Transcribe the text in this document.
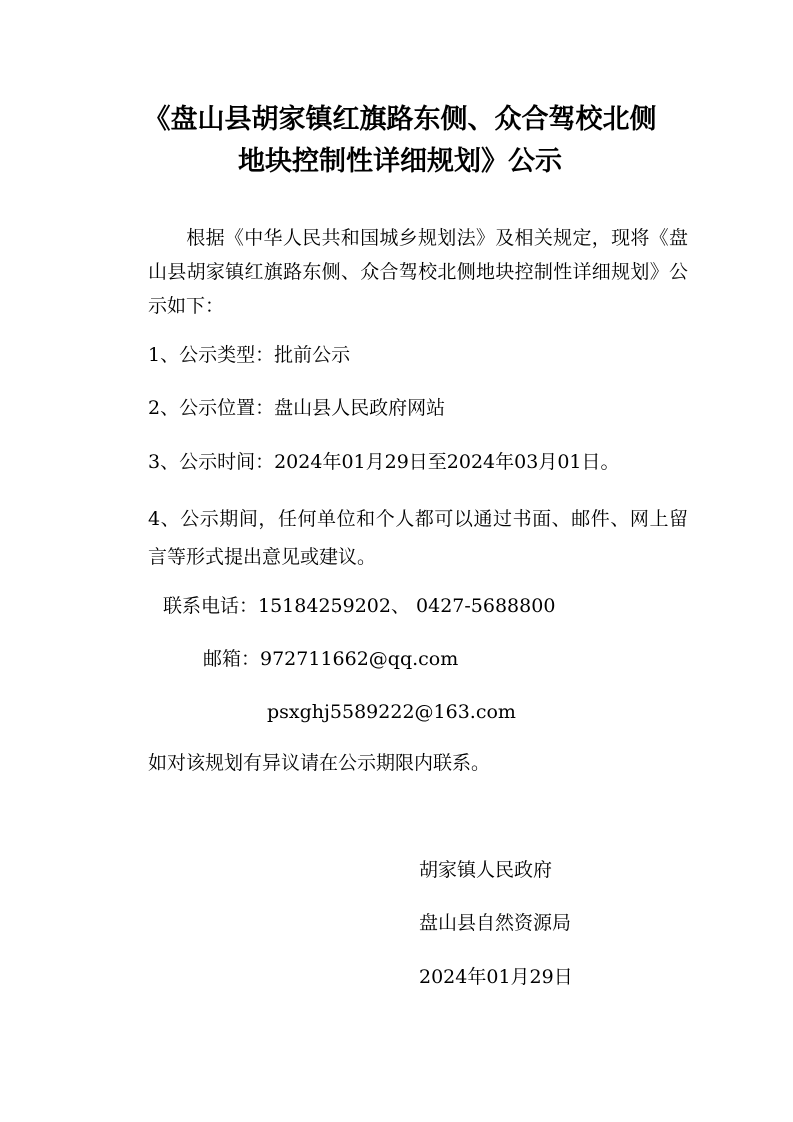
《盘山县胡家镇红旗路东侧、众合驾校北侧
地块控制性详细规划》公示
根据《中华人民共和国城乡规划法》及相关规定，现将《盘山县胡家镇红旗路东侧、众合驾校北侧地块控制性详细规划》公示如下：
1、公示类型：批前公示
2、公示位置：盘山县人民政府网站
3、公示时间：2024年01月29日至2024年03月01日。
4、公示期间，任何单位和个人都可以通过书面、邮件、网上留言等形式提出意见或建议。
联系电话：15184259202、 0427-5688800
邮箱：972711662@qq.com
psxghj5589222@163.com
如对该规划有异议请在公示期限内联系。
胡家镇人民政府
盘山县自然资源局
2024年01月29日
